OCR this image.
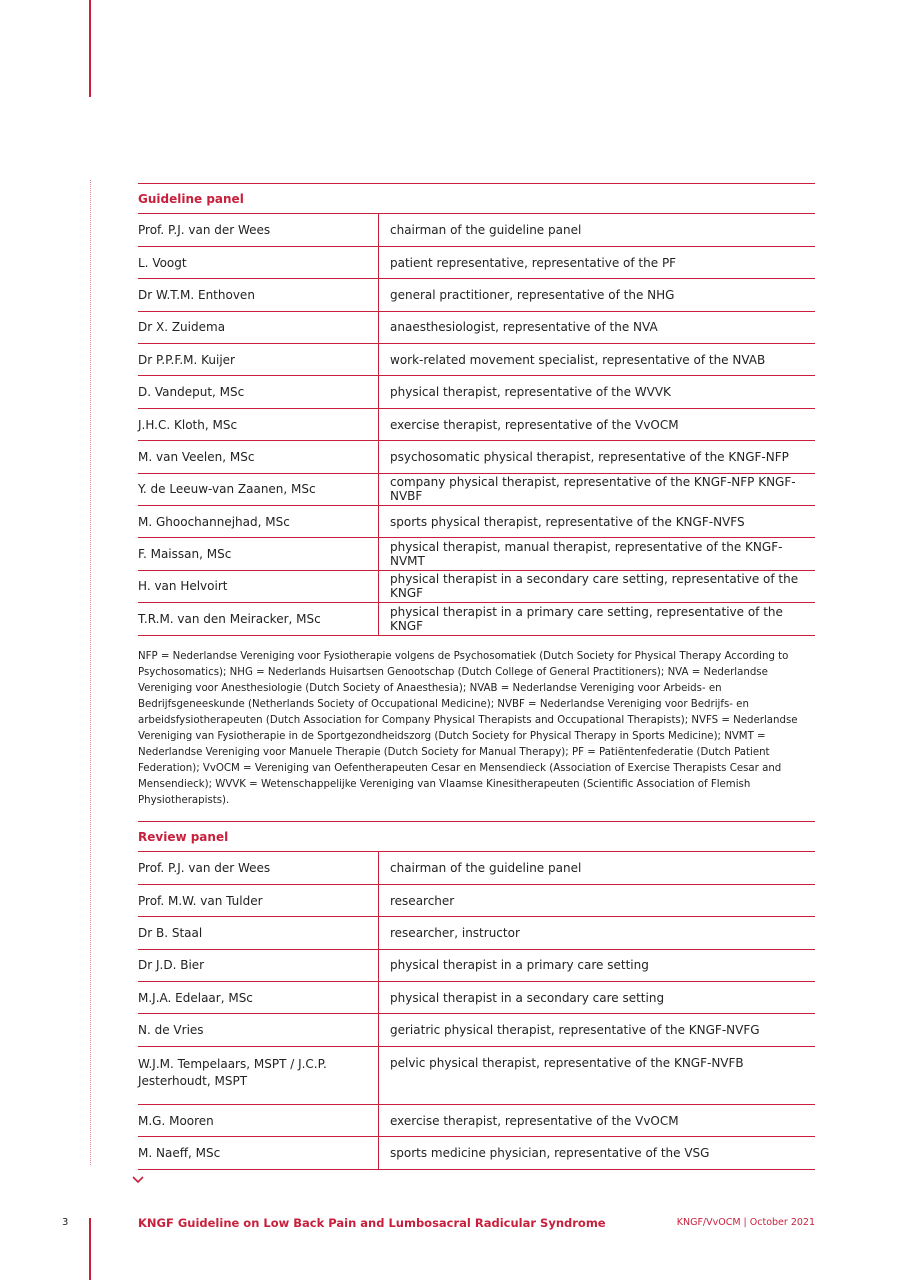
Guideline panel
Prof. P.J. van der Wees	chairman of the guideline panel
L. Voogt	patient representative, representative of the PF
Dr W.T.M. Enthoven	general practitioner, representative of the NHG
Dr X. Zuidema	anaesthesiologist, representative of the NVA
Dr P.P.F.M. Kuijer	work-related movement specialist, representative of the NVAB
D. Vandeput, MSc	physical therapist, representative of the WVVK
J.H.C. Kloth, MSc	exercise therapist, representative of the VvOCM
M. van Veelen, MSc	psychosomatic physical therapist, representative of the KNGF-NFP
Y. de Leeuw-van Zaanen, MSc	company physical therapist, representative of the KNGF-NFP KNGF-NVBF
M. Ghoochannejhad, MSc	sports physical therapist, representative of the KNGF-NVFS
F. Maissan, MSc	physical therapist, manual therapist, representative of the KNGF-NVMT
H. van Helvoirt	physical therapist in a secondary care setting, representative of the KNGF
T.R.M. van den Meiracker, MSc	physical therapist in a primary care setting, representative of the KNGF
NFP = Nederlandse Vereniging voor Fysiotherapie volgens de Psychosomatiek (Dutch Society for Physical Therapy According to Psychosomatics); NHG = Nederlands Huisartsen Genootschap (Dutch College of General Practitioners); NVA = Nederlandse Vereniging voor Anesthesiologie (Dutch Society of Anaesthesia); NVAB = Nederlandse Vereniging voor Arbeids- en Bedrijfsgeneeskunde (Netherlands Society of Occupational Medicine); NVBF = Nederlandse Vereniging voor Bedrijfs- en arbeidsfysiotherapeuten (Dutch Association for Company Physical Therapists and Occupational Therapists); NVFS = Nederlandse Vereniging van Fysiotherapie in de Sportgezondheidszorg (Dutch Society for Physical Therapy in Sports Medicine); NVMT = Nederlandse Vereniging voor Manuele Therapie (Dutch Society for Manual Therapy); PF = Patiëntenfederatie (Dutch Patient Federation); VvOCM = Vereniging van Oefentherapeuten Cesar en Mensendieck (Association of Exercise Therapists Cesar and Mensendieck); WVVK = Wetenschappelijke Vereniging van Vlaamse Kinesitherapeuten (Scientific Association of Flemish Physiotherapists).
Review panel
Prof. P.J. van der Wees	chairman of the guideline panel
Prof. M.W. van Tulder	researcher
Dr B. Staal	researcher, instructor
Dr J.D. Bier	physical therapist in a primary care setting
M.J.A. Edelaar, MSc	physical therapist in a secondary care setting
N. de Vries	geriatric physical therapist, representative of the KNGF-NVFG
W.J.M. Tempelaars, MSPT / J.C.P. Jesterhoudt, MSPT	pelvic physical therapist, representative of the KNGF-NVFB
M.G. Mooren	exercise therapist, representative of the VvOCM
M. Naeff, MSc	sports medicine physician, representative of the VSG
3	KNGF Guideline on Low Back Pain and Lumbosacral Radicular Syndrome	KNGF/VvOCM | October 2021
